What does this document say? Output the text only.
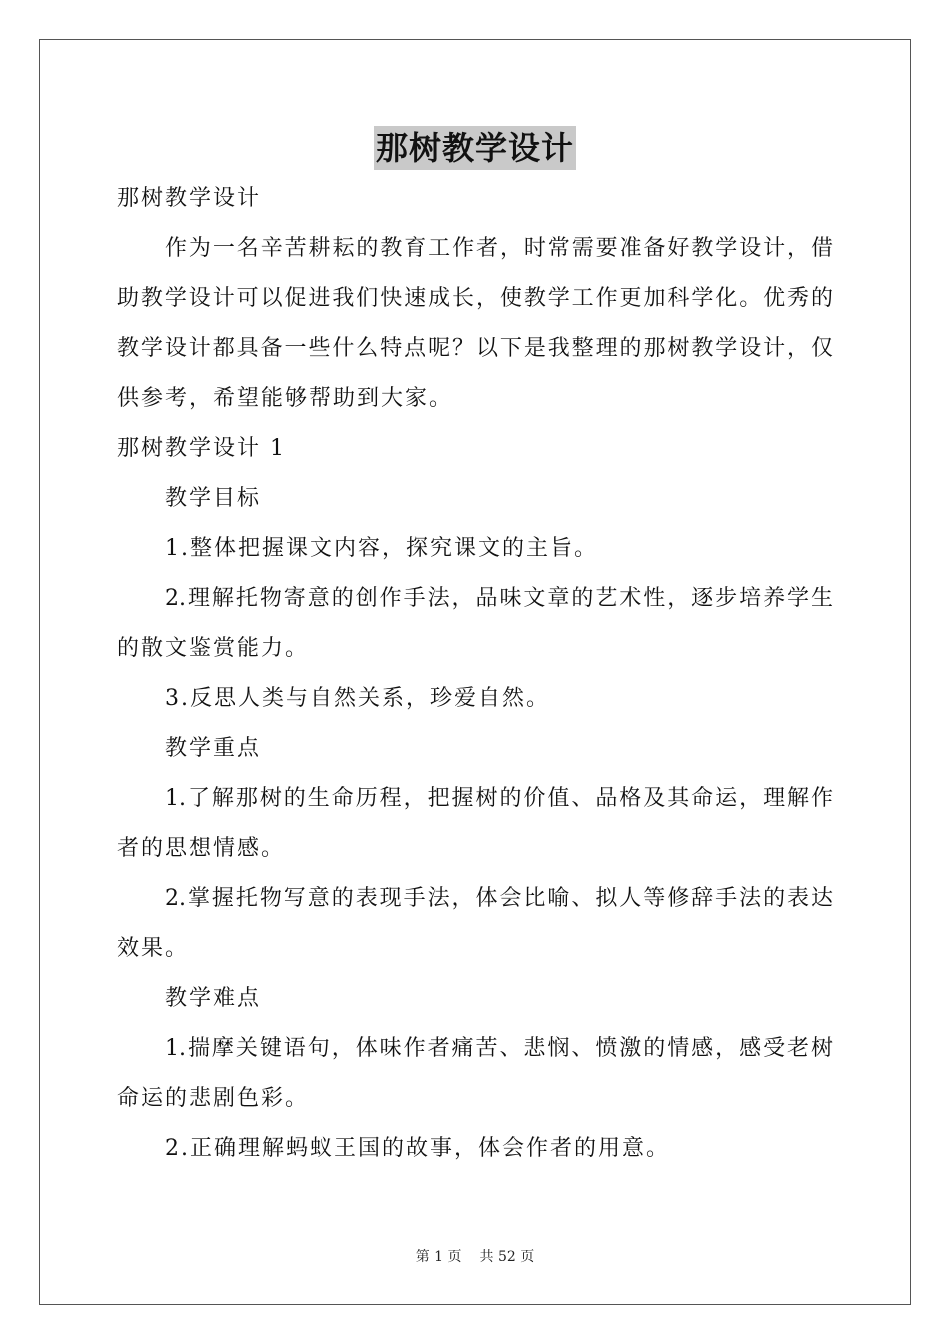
那树教学设计

那树教学设计

作为一名辛苦耕耘的教育工作者，时常需要准备好教学设计，借

助教学设计可以促进我们快速成长，使教学工作更加科学化。优秀的

教学设计都具备一些什么特点呢？以下是我整理的那树教学设计，仅

供参考，希望能够帮助到大家。

那树教学设计 1

教学目标

1.整体把握课文内容，探究课文的主旨。

2.理解托物寄意的创作手法，品味文章的艺术性，逐步培养学生

的散文鉴赏能力。

3.反思人类与自然关系，珍爱自然。

教学重点

1.了解那树的生命历程，把握树的价值、品格及其命运，理解作

者的思想情感。

2.掌握托物写意的表现手法，体会比喻、拟人等修辞手法的表达

效果。

教学难点

1.揣摩关键语句，体味作者痛苦、悲悯、愤激的情感，感受老树

命运的悲剧色彩。

2.正确理解蚂蚁王国的故事，体会作者的用意。

第 1 页 共 52 页
